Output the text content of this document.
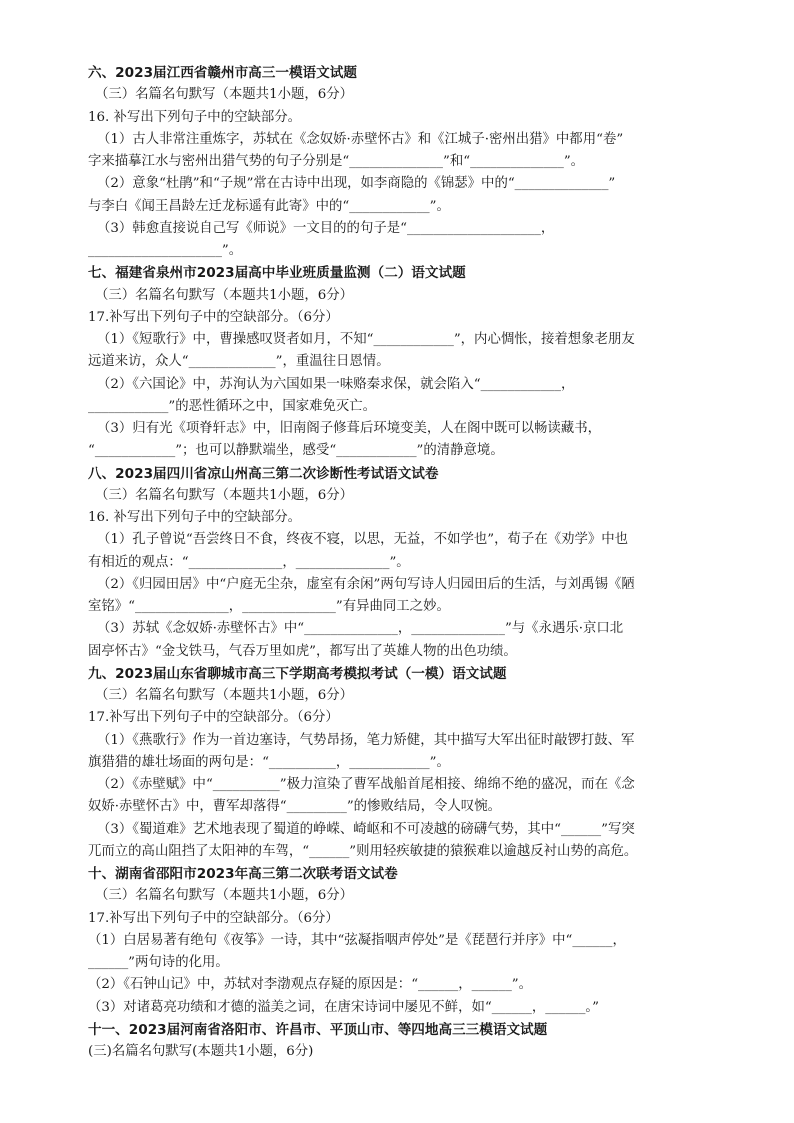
六、2023届江西省赣州市高三一模语文试题
（三）名篇名句默写（本题共1小题，6分）
16. 补写出下列句子中的空缺部分。
（1）古人非常注重炼字，苏轼在《念奴娇·赤壁怀古》和《江城子·密州出猎》中都用“卷”
字来描摹江水与密州出猎气势的句子分别是“______________”和“______________”。
（2）意象“杜鹃”和“子规”常在古诗中出现，如李商隐的《锦瑟》中的“______________”
与李白《闻王昌龄左迁龙标遥有此寄》中的“____________”。
（3）韩愈直接说自己写《师说》一文目的的句子是“____________________，
____________________”。
七、福建省泉州市2023届高中毕业班质量监测（二）语文试题
（三）名篇名句默写（本题共1小题，6分）
17.补写出下列句子中的空缺部分。（6分）
（1）《短歌行》中，曹操感叹贤者如月，不知“____________”，内心惆怅，接着想象老朋友
远道来访，众人“_____________”，重温往日恩情。
（2）《六国论》中，苏洵认为六国如果一味赂秦求保，就会陷入“____________，
____________”的恶性循环之中，国家难免灭亡。
（3）归有光《项脊轩志》中，旧南阁子修葺后环境变美，人在阁中既可以畅读藏书，
“____________”；也可以静默端坐，感受“____________”的清静意境。
八、2023届四川省凉山州高三第二次诊断性考试语文试卷
（三）名篇名句默写（本题共1小题，6分）
16. 补写出下列句子中的空缺部分。
（1）孔子曾说“吾尝终日不食，终夜不寝，以思，无益，不如学也”，荀子在《劝学》中也
有相近的观点：“______________，______________”。
（2）《归园田居》中“户庭无尘杂，虚室有余闲”两句写诗人归园田后的生活，与刘禹锡《陋
室铭》“______________，______________”有异曲同工之妙。
（3）苏轼《念奴娇·赤壁怀古》中“______________，______________”与《永遇乐·京口北
固亭怀古》“金戈铁马，气吞万里如虎”，都写出了英雄人物的出色功绩。
九、2023届山东省聊城市高三下学期高考模拟考试（一模）语文试题
（三）名篇名句默写（本题共1小题，6分）
17.补写出下列句子中的空缺部分。（6分）
（1）《燕歌行》作为一首边塞诗，气势昂扬，笔力矫健，其中描写大军出征时敲锣打鼓、军
旗猎猎的雄壮场面的两句是：“__________，____________”。
（2）《赤壁赋》中“__________”极力渲染了曹军战船首尾相接、绵绵不绝的盛况，而在《念
奴娇·赤壁怀古》中，曹军却落得“_________”的惨败结局，令人叹惋。
（3）《蜀道难》艺术地表现了蜀道的峥嵘、崎岖和不可凌越的磅礴气势，其中“______”写突
兀而立的高山阻挡了太阳神的车驾，“______”则用轻疾敏捷的猿猴难以逾越反衬山势的高危。
十、湖南省邵阳市2023年高三第二次联考语文试卷
（三）名篇名句默写（本题共1小题，6分）
17.补写出下列句子中的空缺部分。（6分）
（1）白居易著有绝句《夜筝》一诗，其中“弦凝指咽声停处”是《琵琶行并序》中“______，
______”两句诗的化用。
（2）《石钟山记》中，苏轼对李渤观点存疑的原因是：“______，______”。
（3）对诸葛亮功绩和才德的溢美之词，在唐宋诗词中屡见不鲜，如“______，______。”
十一、2023届河南省洛阳市、许昌市、平顶山市、等四地高三三模语文试题
(三)名篇名句默写(本题共1小题，6分)
